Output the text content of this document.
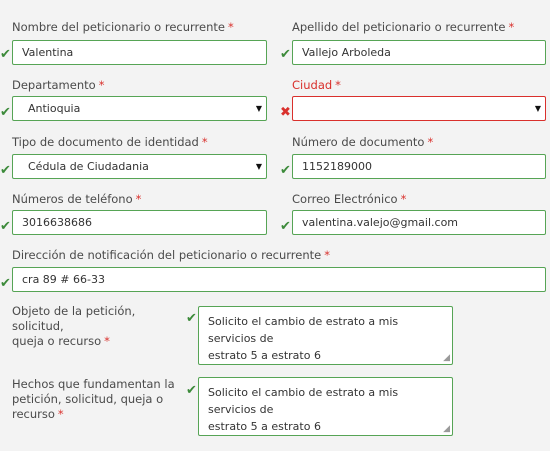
Nombre del peticionario o recurrente *
✔	Valentina
Apellido del peticionario o recurrente *
✔	Vallejo Arboleda
Departamento *
✔	Antioquia	▼
Ciudad *
✖	▼
Tipo de documento de identidad *
✔	Cédula de Ciudadania	▼
Número de documento *
✔	1152189000
Números de teléfono *
✔	3016638686
Correo Electrónico *
✔	valentina.valejo@gmail.com
Dirección de notificación del peticionario o recurrente *
✔	cra 89 # 66-33
Objeto de la petición, solicitud,
queja o recurso *
✔ Solicito el cambio de estrato a mis servicios de
estrato 5 a estrato 6	◢
Hechos que fundamentan la
petición, solicitud, queja o
recurso *
✔ Solicito el cambio de estrato a mis servicios de
estrato 5 a estrato 6	◢
